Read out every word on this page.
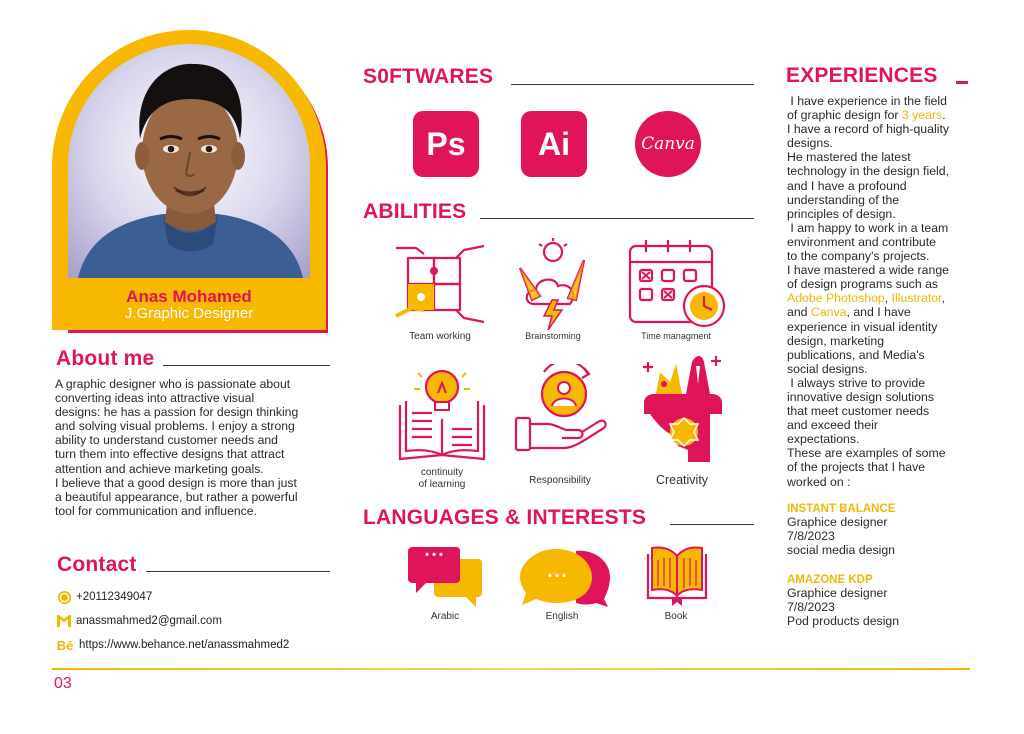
Anas Mohamed
J.Graphic Designer
About me
A graphic designer who is passionate about
converting ideas into attractive visual
designs: he has a passion for design thinking
and solving visual problems. I enjoy a strong
ability to understand customer needs and
turn them into effective designs that attract
attention and achieve marketing goals.
I believe that a good design is more than just
a beautiful appearance, but rather a powerful
tool for communication and influence.
Contact
+20112349047
anassmahmed2@gmail.com
Bē https://www.behance.net/anassmahmed2
S0FTWARES
Ps	Ai	Canva
ABILITIES
Team working	Brainstorming	Time managment
continuity
of learning	Responsibility	Creativity
LANGUAGES & INTERESTS
• • •
Arabic
• • •
English	Book
EXPERIENCES
I have experience in the field
of graphic design for 3 years.
I have a record of high-quality
designs.
He mastered the latest
technology in the design field,
and I have a profound
understanding of the
principles of design.
I am happy to work in a team
environment and contribute
to the company's projects.
I have mastered a wide range
of design programs such as
Adobe Photoshop, Illustrator,
and Canva, and I have
experience in visual identity
design, marketing
publications, and Media's
social designs.
I always strive to provide
innovative design solutions
that meet customer needs
and exceed their
expectations.
These are examples of some
of the projects that I have
worked on :
INSTANT BALANCE
Graphice designer
7/8/2023
social media design
AMAZONE KDP
Graphice designer
7/8/2023
Pod products design
03
